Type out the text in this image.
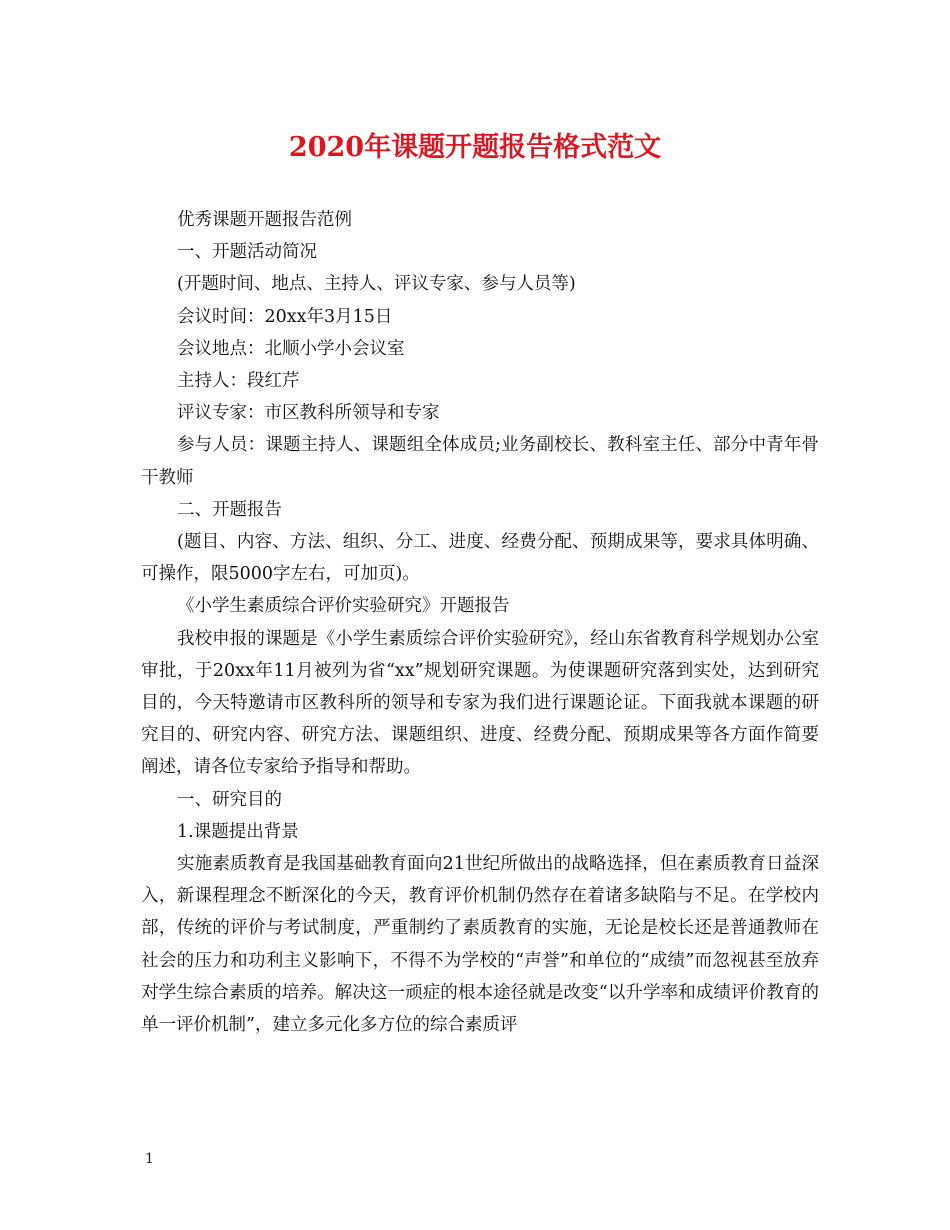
2020年课题开题报告格式范文

优秀课题开题报告范例

一、开题活动简况

(开题时间、地点、主持人、评议专家、参与人员等)

会议时间：20xx年3月15日

会议地点：北顺小学小会议室

主持人：段红芹

评议专家：市区教科所领导和专家

参与人员：课题主持人、课题组全体成员;业务副校长、教科室主任、部分中青年骨干教师

二、开题报告

(题目、内容、方法、组织、分工、进度、经费分配、预期成果等，要求具体明确、可操作，限5000字左右，可加页)。

《小学生素质综合评价实验研究》开题报告

我校申报的课题是《小学生素质综合评价实验研究》，经山东省教育科学规划办公室审批，于20xx年11月被列为省“xx”规划研究课题。为使课题研究落到实处，达到研究目的，今天特邀请市区教科所的领导和专家为我们进行课题论证。下面我就本课题的研究目的、研究内容、研究方法、课题组织、进度、经费分配、预期成果等各方面作简要阐述，请各位专家给予指导和帮助。

一、研究目的

1.课题提出背景

实施素质教育是我国基础教育面向21世纪所做出的战略选择，但在素质教育日益深入，新课程理念不断深化的今天，教育评价机制仍然存在着诸多缺陷与不足。在学校内部，传统的评价与考试制度，严重制约了素质教育的实施，无论是校长还是普通教师在社会的压力和功利主义影响下，不得不为学校的“声誉”和单位的“成绩”而忽视甚至放弃对学生综合素质的培养。解决这一顽症的根本途径就是改变“以升学率和成绩评价教育的单一评价机制”，建立多元化多方位的综合素质评

1
